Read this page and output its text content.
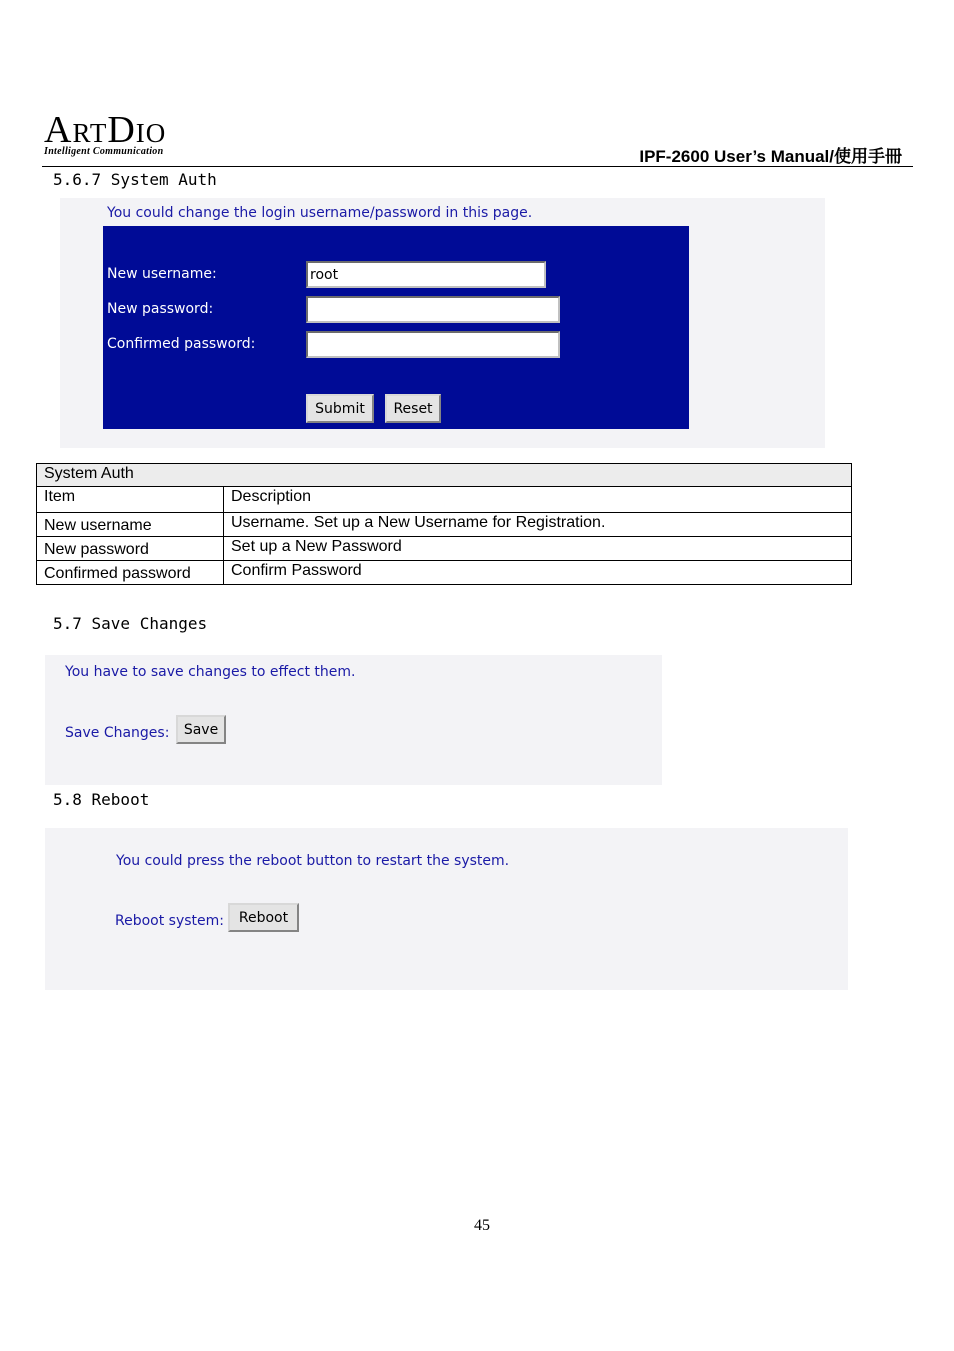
ARTDIO
Intelligent Communication	IPF-2600 User’s Manual/使用手冊
5.6.7 System Auth
You could change the login username/password in this page.
New username:
root
New password:
Confirmed password:
Submit	Reset
System Auth	
Item	Description
New username	Username. Set up a New Username for Registration.
New password	Set up a New Password
Confirmed password	Confirm Password
5.7 Save Changes
You have to save changes to effect them.
Save Changes:	Save
5.8 Reboot
You could press the reboot button to restart the system.
Reboot system:	Reboot
45
